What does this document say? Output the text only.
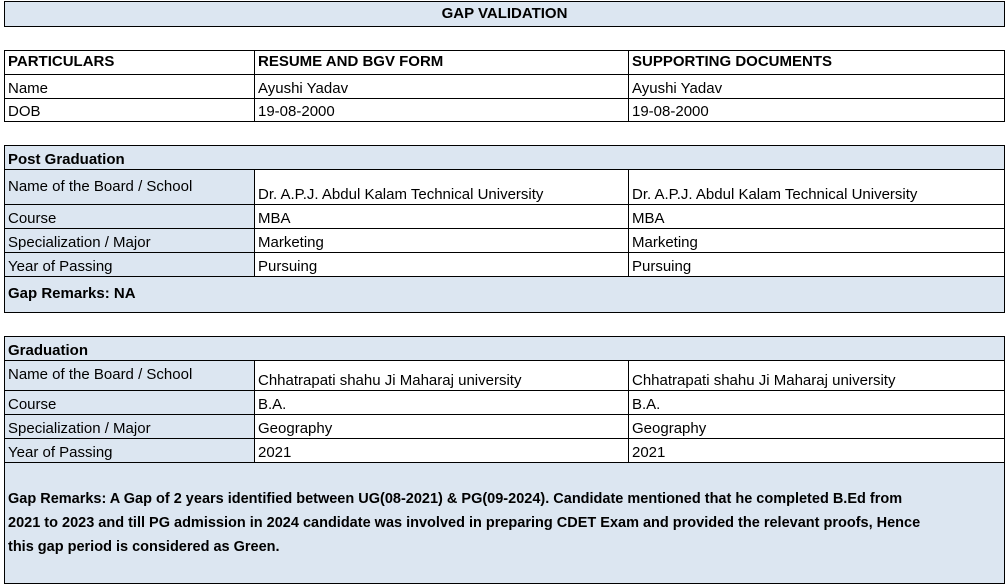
GAP VALIDATION
PARTICULARS	RESUME AND BGV FORM	SUPPORTING DOCUMENTS
Name	Ayushi Yadav	Ayushi Yadav
DOB	19-08-2000	19-08-2000
Post Graduation
Name of the Board / School	Dr. A.P.J. Abdul Kalam Technical University	Dr. A.P.J. Abdul Kalam Technical University
Course	MBA	MBA
Specialization / Major	Marketing	Marketing
Year of Passing	Pursuing	Pursuing
Gap Remarks: NA
Graduation
Name of the Board / School	Chhatrapati shahu Ji Maharaj university	Chhatrapati shahu Ji Maharaj university
Course	B.A.	B.A.
Specialization / Major	Geography	Geography
Year of Passing	2021	2021
Gap Remarks: A Gap of 2 years identified between UG(08-2021) & PG(09-2024). Candidate mentioned that he completed B.Ed from
2021 to 2023 and till PG admission in 2024 candidate was involved in preparing CDET Exam and provided the relevant proofs, Hence
this gap period is considered as Green.
